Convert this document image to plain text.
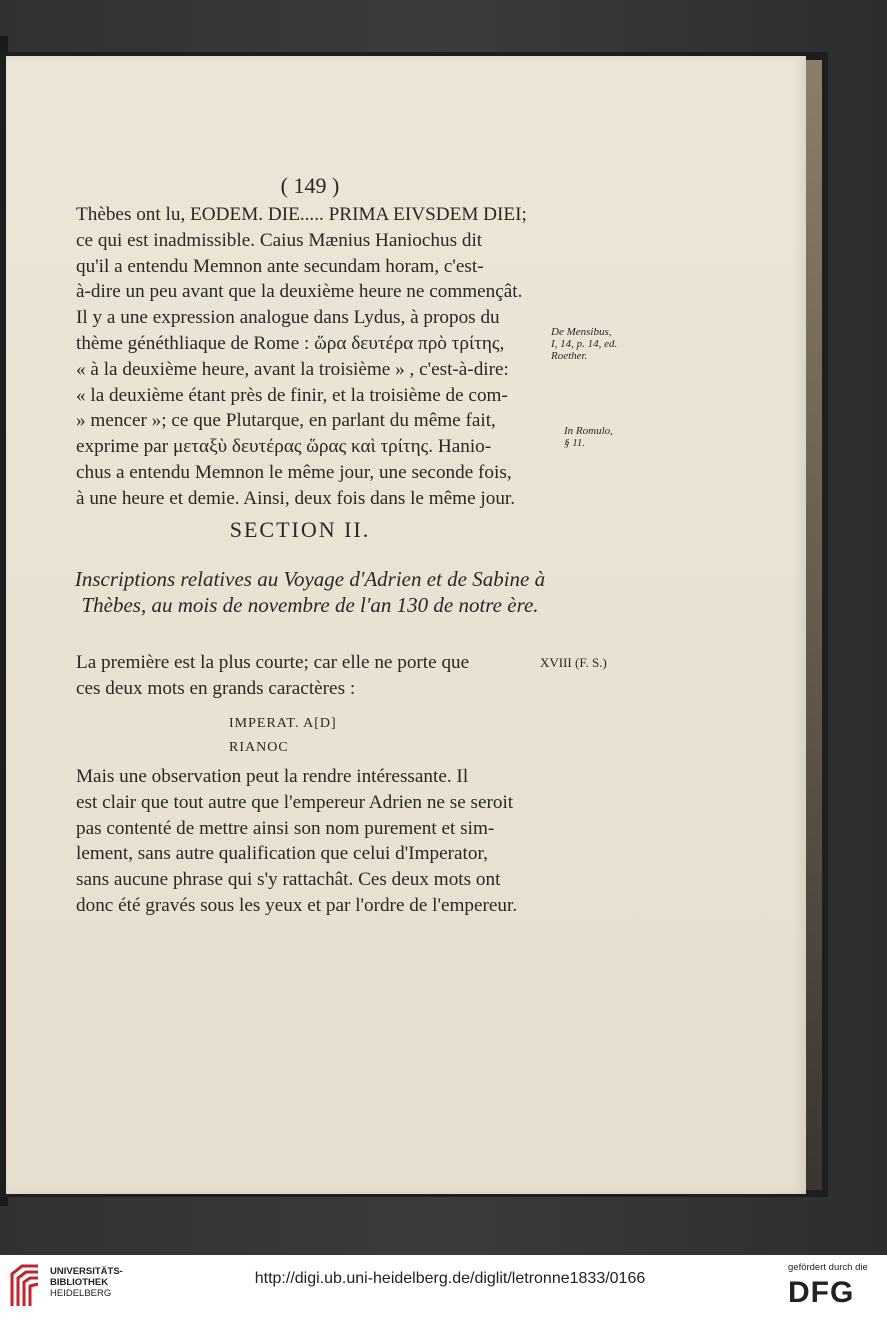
( 149 )

Thèbes ont lu, EODEM. DIE..... PRIMA EIVSDEM DIEI;

ce qui est inadmissible. Caius Mænius Haniochus dit

qu'il a entendu Memnon ante secundam horam, c'est-

à-dire un peu avant que la deuxième heure ne commençât.

Il y a une expression analogue dans Lydus, à propos du

thème généthliaque de Rome : ὥρα δευτέρα πρὸ τρίτης,

« à la deuxième heure, avant la troisième » , c'est-à-dire:

« la deuxième étant près de finir, et la troisième de com-

» mencer »; ce que Plutarque, en parlant du même fait,

exprime par μεταξὺ δευτέρας ὥρας καὶ τρίτης. Hanio-

chus a entendu Memnon le même jour, une seconde fois,

à une heure et demie. Ainsi, deux fois dans le même jour.

De Mensibus,
I, 14, p. 14, ed.
Roether.
In Romulo,
§ 11.
SECTION II.
Inscriptions relatives au Voyage d'Adrien et de Sabine à
Thèbes, au mois de novembre de l'an 130 de notre ère.

La première est la plus courte; car elle ne porte que

ces deux mots en grands caractères :

XVIII (F. S.)
IMPERAT. A[D]
RIANOC

Mais une observation peut la rendre intéressante. Il

est clair que tout autre que l'empereur Adrien ne se seroit

pas contenté de mettre ainsi son nom purement et sim-

lement, sans autre qualification que celui d'Imperator,

sans aucune phrase qui s'y rattachât. Ces deux mots ont

donc été gravés sous les yeux et par l'ordre de l'empereur.

UNIVERSITÄTS-
BIBLIOTHEK
HEIDELBERG
http://digi.ub.uni-heidelberg.de/diglit/letronne1833/0166
gefördert durch die
DFG
